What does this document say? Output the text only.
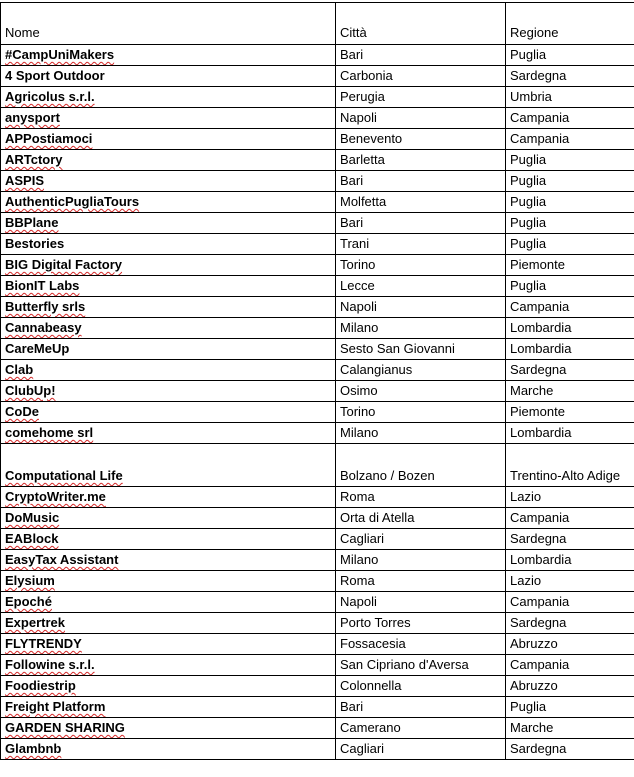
Nome	Città	Regione
#CampUniMakers	Bari	Puglia
4 Sport Outdoor	Carbonia	Sardegna
Agricolus s.r.l.	Perugia	Umbria
anysport	Napoli	Campania
APPostiamoci	Benevento	Campania
ARTctory	Barletta	Puglia
ASPIS	Bari	Puglia
AuthenticPugliaTours	Molfetta	Puglia
BBPlane	Bari	Puglia
Bestories	Trani	Puglia
BIG Digital Factory	Torino	Piemonte
BionIT Labs	Lecce	Puglia
Butterfly srls	Napoli	Campania
Cannabeasy	Milano	Lombardia
CareMeUp	Sesto San Giovanni	Lombardia
Clab	Calangianus	Sardegna
ClubUp!	Osimo	Marche
CoDe	Torino	Piemonte
comehome srl	Milano	Lombardia
Computational Life	Bolzano / Bozen	Trentino-Alto Adige
CryptoWriter.me	Roma	Lazio
DoMusic	Orta di Atella	Campania
EABlock	Cagliari	Sardegna
EasyTax Assistant	Milano	Lombardia
Elysium	Roma	Lazio
Epoché	Napoli	Campania
Expertrek	Porto Torres	Sardegna
FLYTRENDY	Fossacesia	Abruzzo
Followine s.r.l.	San Cipriano d'Aversa	Campania
Foodiestrip	Colonnella	Abruzzo
Freight Platform	Bari	Puglia
GARDEN SHARING	Camerano	Marche
Glambnb	Cagliari	Sardegna
